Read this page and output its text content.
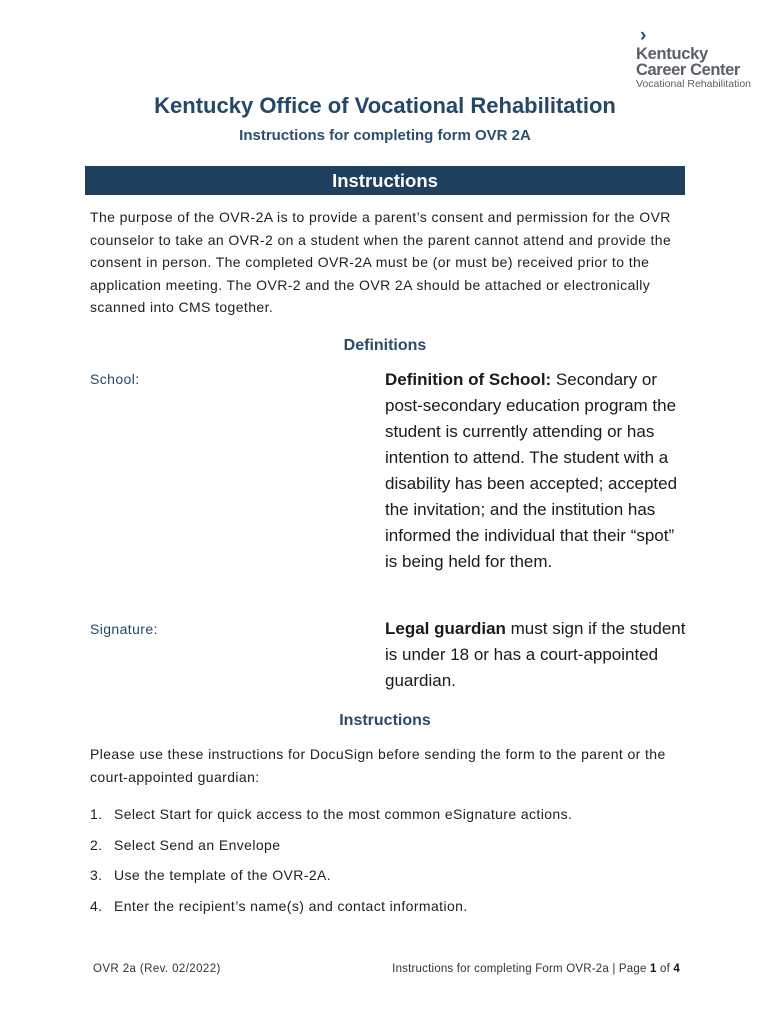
›
Kentucky
Career Center
Vocational Rehabilitation
Kentucky Office of Vocational Rehabilitation
Instructions for completing form OVR 2A
Instructions
The purpose of the OVR-2A is to provide a parent’s consent and permission for the OVR counselor to take an OVR-2 on a student when the parent cannot attend and provide the consent in person. The completed OVR-2A must be (or must be) received prior to the application meeting. The OVR-2 and the OVR 2A should be attached or electronically scanned into CMS together.
Definitions
School:	Definition of School: Secondary or post-secondary education program the student is currently attending or has intention to attend. The student with a disability has been accepted; accepted the invitation; and the institution has informed the individual that their “spot” is being held for them.
Signature:	Legal guardian must sign if the student is under 18 or has a court-appointed guardian.
Instructions
Please use these instructions for DocuSign before sending the form to the parent or the court-appointed guardian:
1. Select Start for quick access to the most common eSignature actions.
2. Select Send an Envelope
3. Use the template of the OVR-2A.
4. Enter the recipient’s name(s) and contact information.
OVR 2a (Rev. 02/2022)	Instructions for completing Form OVR-2a | Page 1 of 4
